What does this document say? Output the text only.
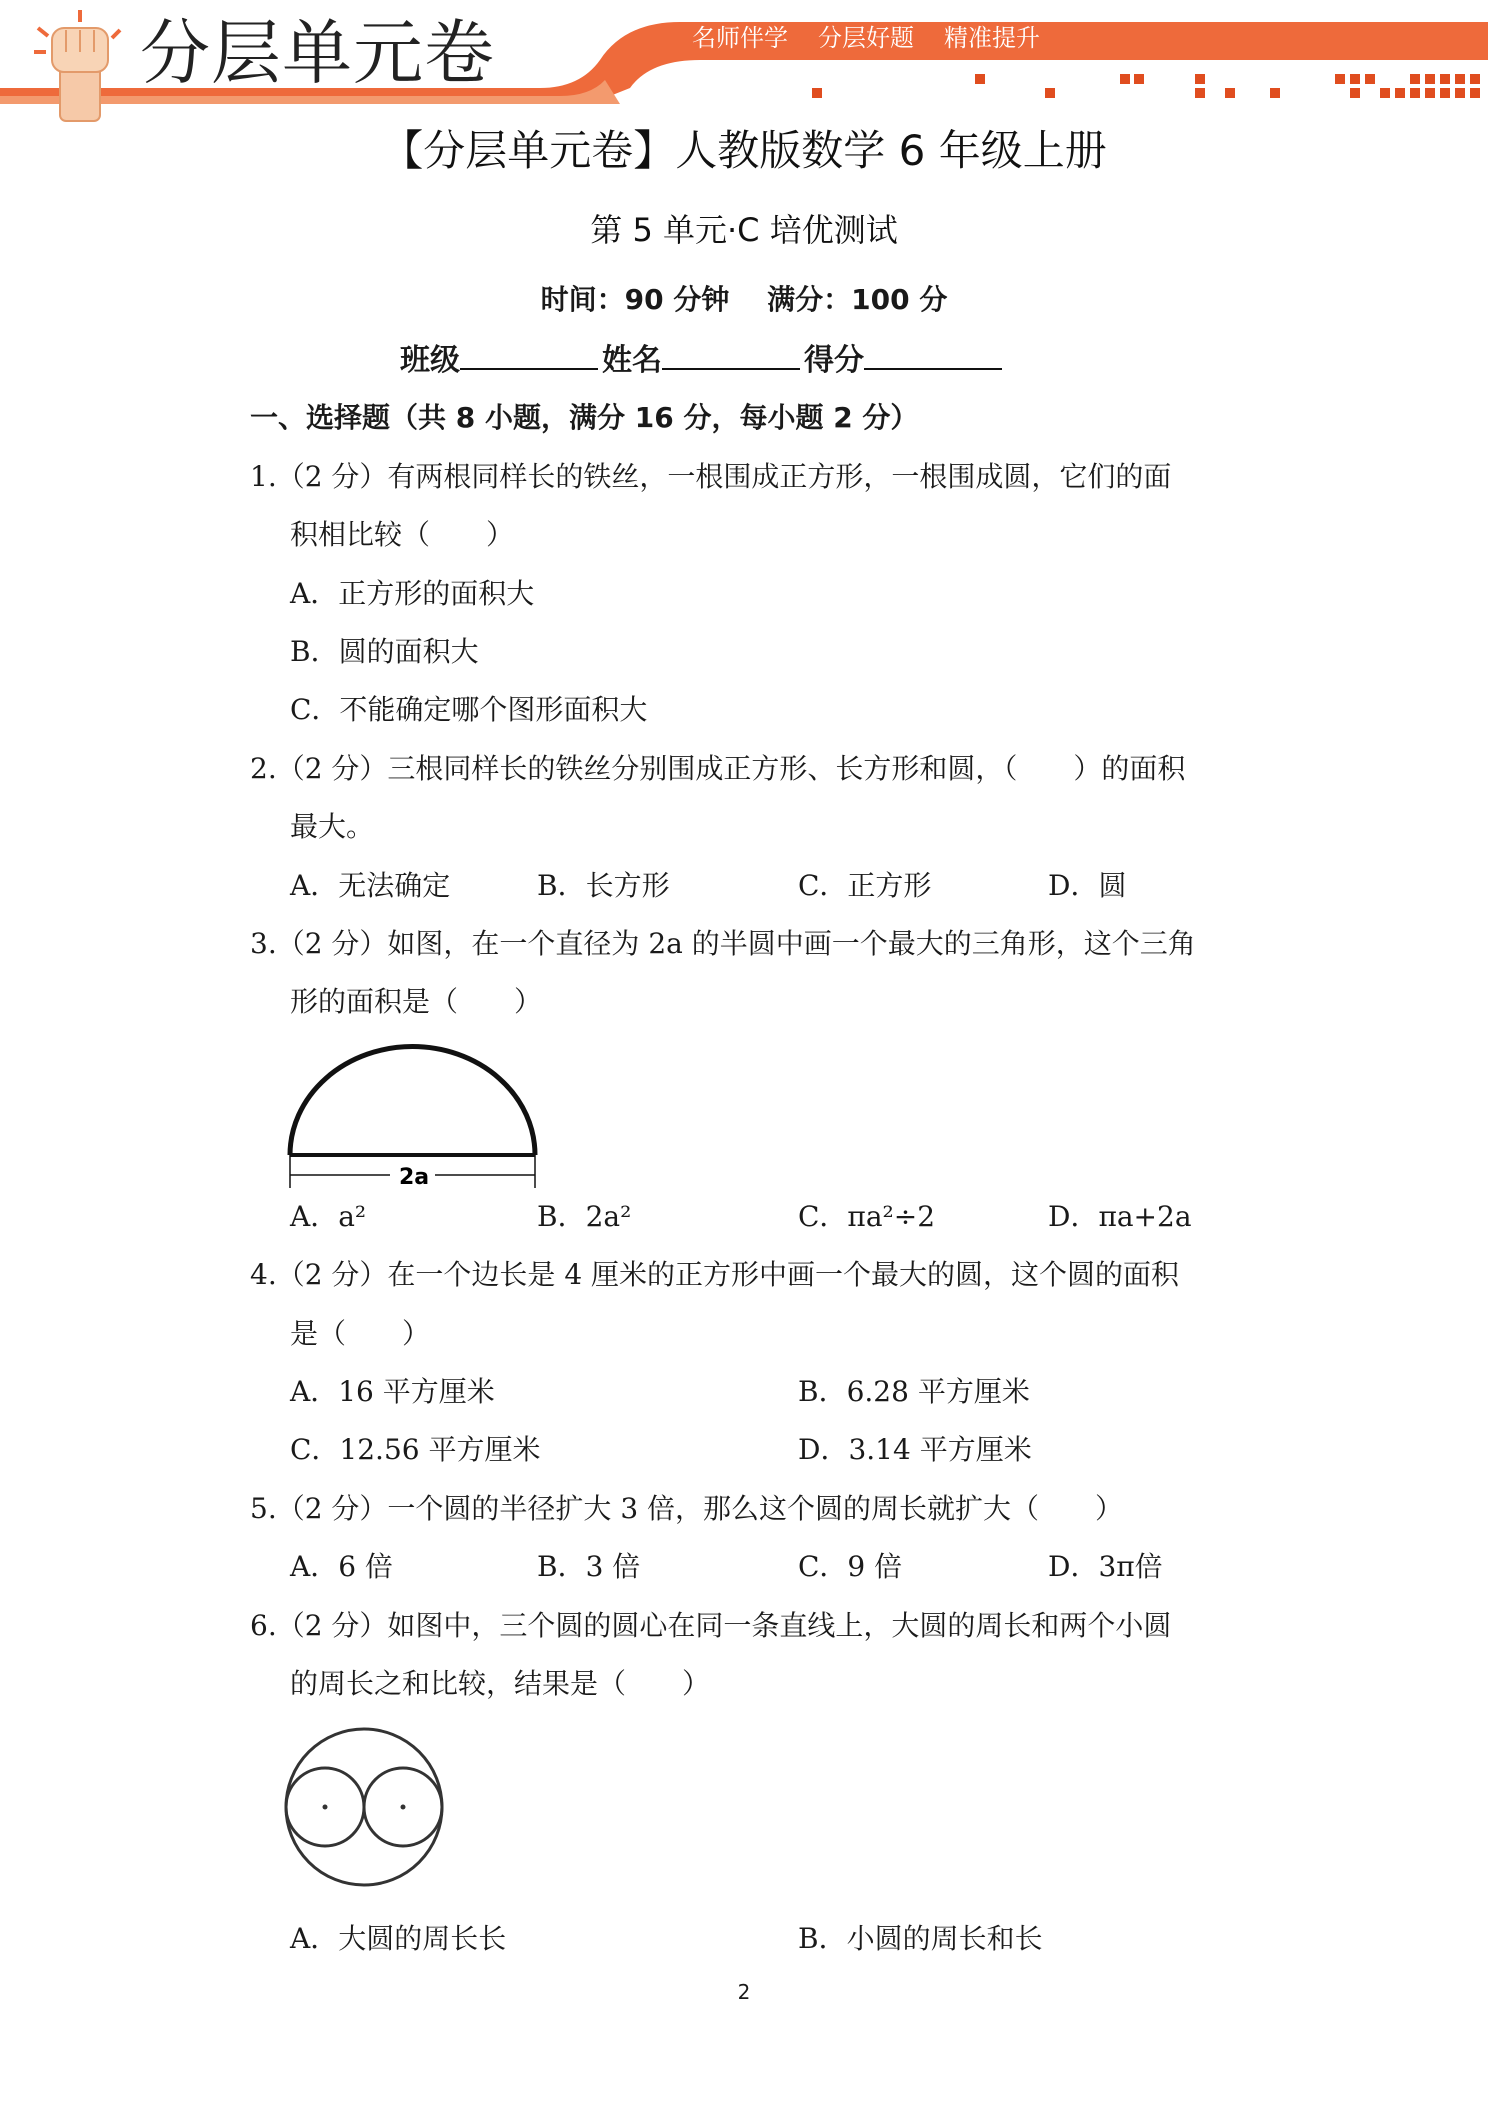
分层单元卷	名师伴学 分层好题 精准提升
【分层单元卷】人教版数学 6 年级上册
第 5 单元·C 培优测试
时间：90 分钟 满分：100 分
班级	姓名	得分
一、选择题（共 8 小题，满分 16 分，每小题 2 分）
1.（2 分）有两根同样长的铁丝，一根围成正方形，一根围成圆，它们的面
积相比较（　　）
A．正方形的面积大
B．圆的面积大
C．不能确定哪个图形面积大
2.（2 分）三根同样长的铁丝分别围成正方形、长方形和圆，（　　）的面积
最大。
A．无法确定	B．长方形	C．正方形	D．圆
3.（2 分）如图，在一个直径为 2a 的半圆中画一个最大的三角形，这个三角
形的面积是（　　）
2a
A．a²	B．2a²	C．πa²÷2	D．πa+2a
4.（2 分）在一个边长是 4 厘米的正方形中画一个最大的圆，这个圆的面积
是（　　）
A．16 平方厘米	B．6.28 平方厘米
C．12.56 平方厘米	D．3.14 平方厘米
5.（2 分）一个圆的半径扩大 3 倍，那么这个圆的周长就扩大（　　）
A．6 倍	B．3 倍	C．9 倍	D．3π倍
6.（2 分）如图中，三个圆的圆心在同一条直线上，大圆的周长和两个小圆
的周长之和比较，结果是（　　）
A．大圆的周长长	B．小圆的周长和长
2
